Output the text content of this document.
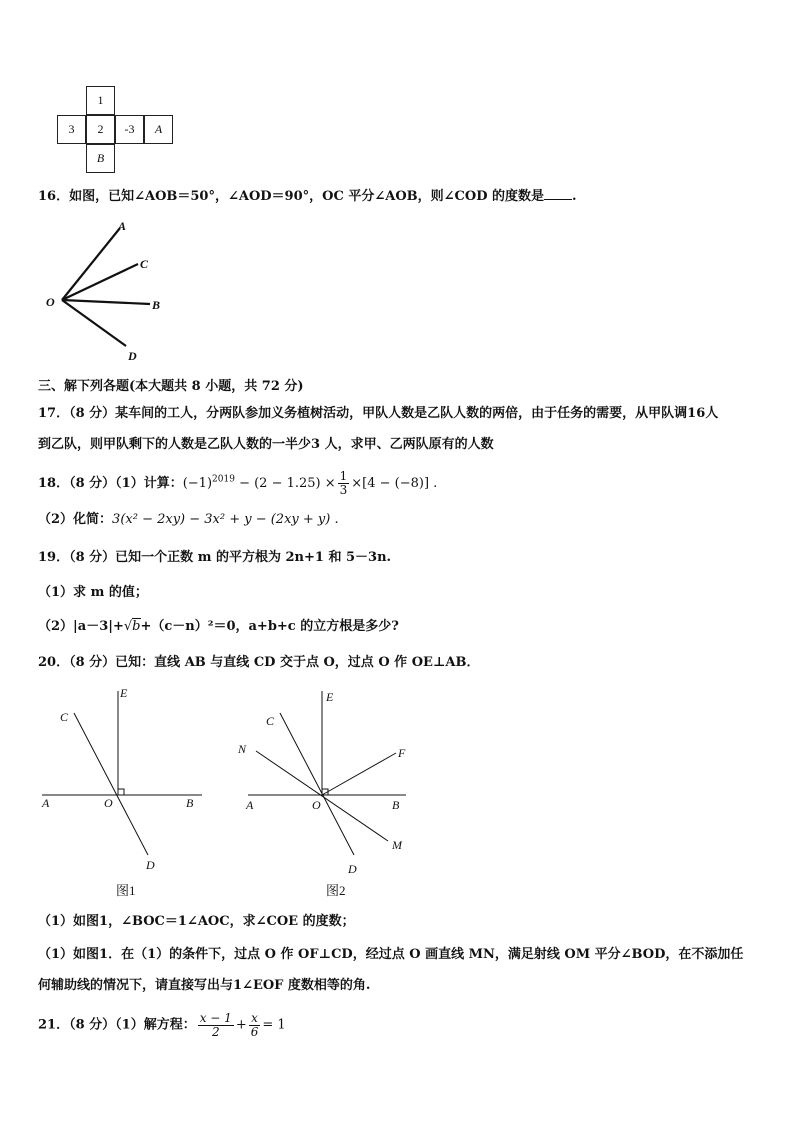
1
3	2	-3	A
B
16．如图，已知∠AOB＝50°，∠AOD＝90°，OC 平分∠AOB，则∠COD 的度数是 .
A
C
B
O
D
三、解下列各题(本大题共 8 小题，共 72 分)
17．（8 分）某车间的工人，分两队参加义务植树活动，甲队人数是乙队人数的两倍，由于任务的需要，从甲队调16人
到乙队，则甲队剩下的人数是乙队人数的一半少3 人，求甲、乙两队原有的人数
18．（8 分）（1）计算：$(-1)^{2019} - (2 - 1.25) \times \frac{1}{3} \times[4 - (-8)]$ .
（2）化简：3(x² − 2xy) − 3x² + y − (2xy + y) .
19．（8 分）已知一个正数 m 的平方根为 2n+1 和 5－3n.
（1）求 m 的值；
（2）|a－3|+√b+（c－n）²＝0，a+b+c 的立方根是多少?
20．（8 分）已知：直线 AB 与直线 CD 交于点 O，过点 O 作 OE⊥AB．
E
C
A	O	B
D
图1
E
C
N	F
A	O	B
M
D
图2
（1）如图1，∠BOC＝1∠AOC，求∠COE 的度数；
（1）如图1．在（1）的条件下，过点 O 作 OF⊥CD，经过点 O 画直线 MN，满足射线 OM 平分∠BOD，在不添加任
何辅助线的情况下，请直接写出与1∠EOF 度数相等的角.
21．（8 分）（1）解方程： $\frac{x - 1}{2} + \frac{x}{6} = 1$
